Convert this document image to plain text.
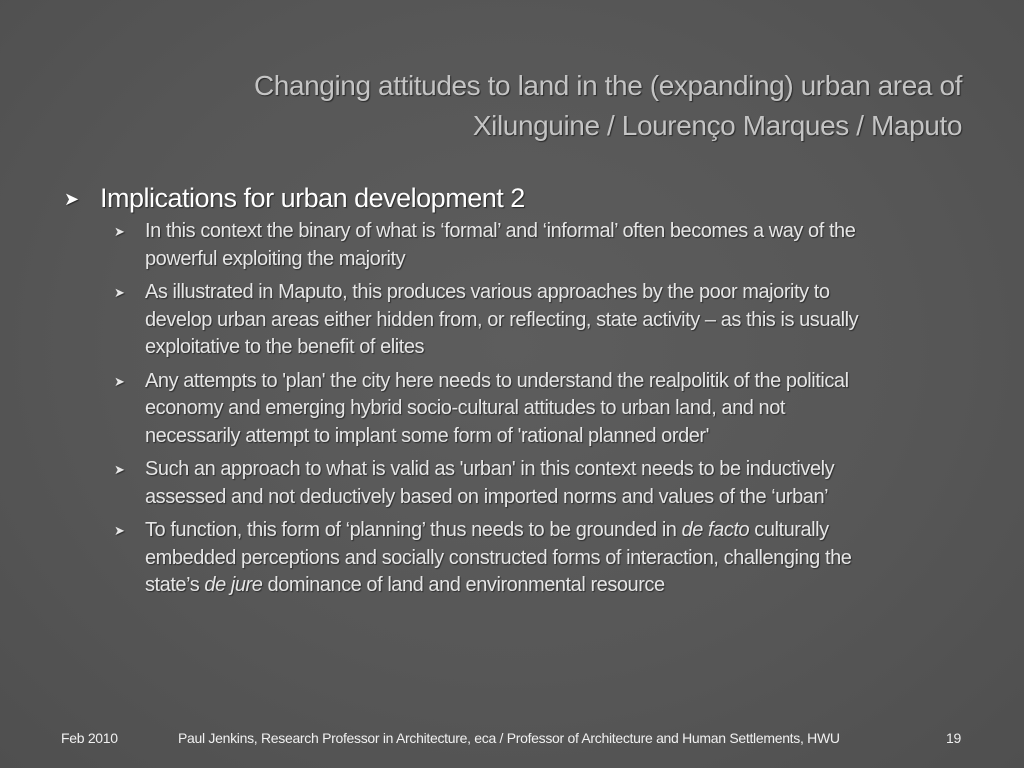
Changing attitudes to land in the (expanding) urban area of
Xilunguine / Lourenço Marques / Maputo
➤ Implications for urban development 2
➤ In this context the binary of what is ‘formal’ and ‘informal’ often becomes a way of the
powerful exploiting the majority
➤ As illustrated in Maputo, this produces various approaches by the poor majority to
develop urban areas either hidden from, or reflecting, state activity – as this is usually
exploitative to the benefit of elites
➤ Any attempts to 'plan' the city here needs to understand the realpolitik of the political
economy and emerging hybrid socio-cultural attitudes to urban land, and not
necessarily attempt to implant some form of 'rational planned order'
➤ Such an approach to what is valid as 'urban' in this context needs to be inductively
assessed and not deductively based on imported norms and values of the ‘urban’
➤ To function, this form of ‘planning’ thus needs to be grounded in de facto culturally
embedded perceptions and socially constructed forms of interaction, challenging the
state’s de jure dominance of land and environmental resource
Feb 2010	Paul Jenkins, Research Professor in Architecture, eca / Professor of Architecture and Human Settlements, HWU	19
